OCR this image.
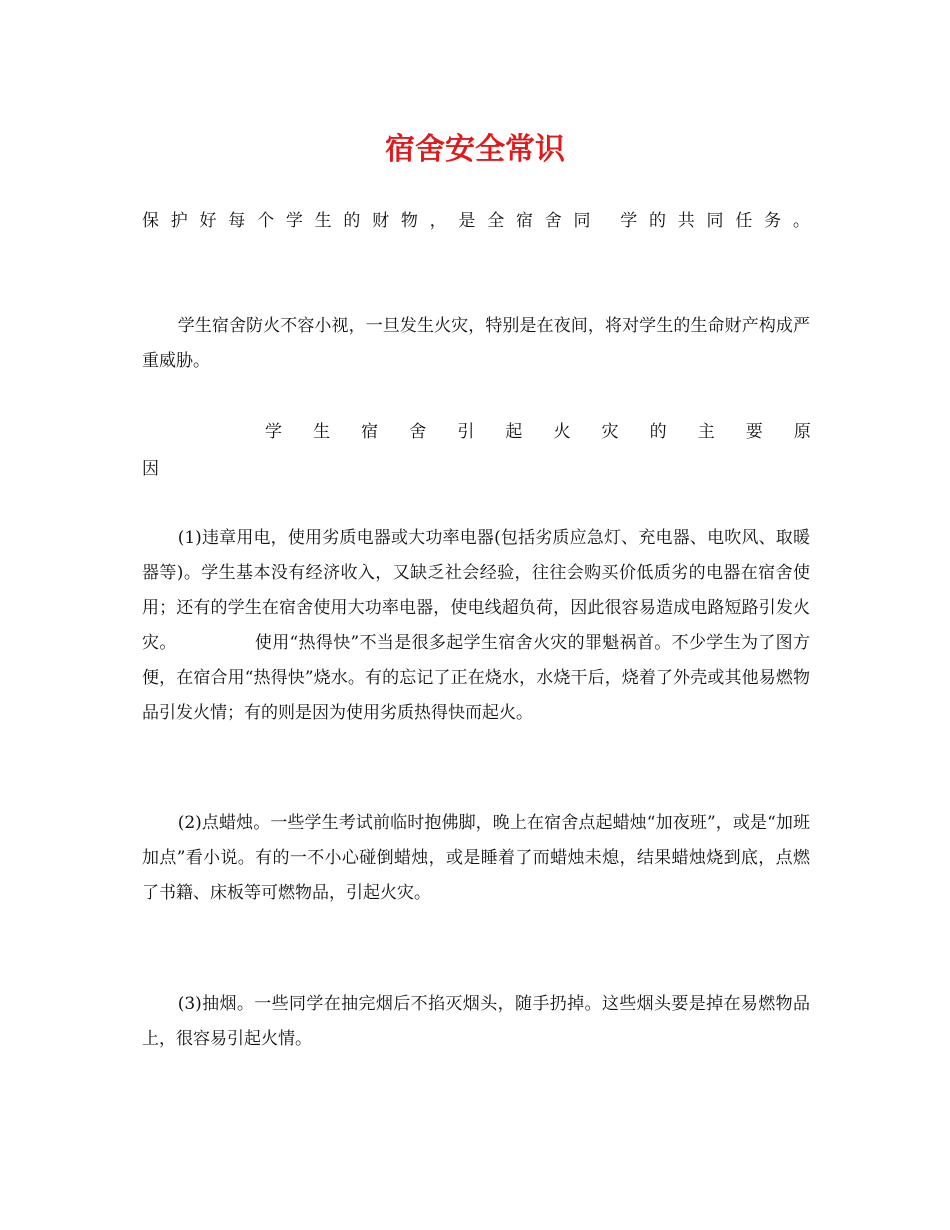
宿舍安全常识
保 护 好 每 个 学 生 的 财 物 ， 是 全 宿 舍 同 学 的 共 同 任 务 。
学生宿舍防火不容小视，一旦发生火灾，特别是在夜间，将对学生的生命财产构成严重威胁。
学 生 宿 舍 引 起 火 灾 的 主 要 原
因
(1)违章用电，使用劣质电器或大功率电器(包括劣质应急灯、充电器、电吹风、取暖器等)。学生基本没有经济收入，又缺乏社会经验，往往会购买价低质劣的电器在宿舍使用；还有的学生在宿舍使用大功率电器，使电线超负荷，因此很容易造成电路短路引发火灾。　　　　　使用“热得快”不当是很多起学生宿舍火灾的罪魁祸首。不少学生为了图方便，在宿合用“热得快”烧水。有的忘记了正在烧水，水烧干后，烧着了外壳或其他易燃物品引发火情；有的则是因为使用劣质热得快而起火。
(2)点蜡烛。一些学生考试前临时抱佛脚，晚上在宿舍点起蜡烛“加夜班”，或是“加班加点”看小说。有的一不小心碰倒蜡烛，或是睡着了而蜡烛未熄，结果蜡烛烧到底，点燃了书籍、床板等可燃物品，引起火灾。
(3)抽烟。一些同学在抽完烟后不掐灭烟头，随手扔掉。这些烟头要是掉在易燃物品上，很容易引起火情。
